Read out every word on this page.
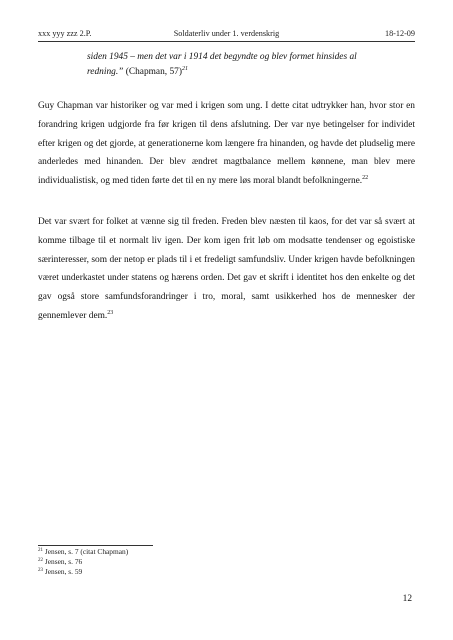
xxx yyy zzz 2.P.	Soldaterliv under 1. verdenskrig	18-12-09
siden 1945 – men det var i 1914 det begyndte og blev formet hinsides al redning.” (Chapman, 57)$^{21}$

Guy Chapman var historiker og var med i krigen som ung. I dette citat udtrykker han, hvor stor en forandring krigen udgjorde fra før krigen til dens afslutning. Der var nye betingelser for individet efter krigen og det gjorde, at generationerne kom længere fra hinanden, og havde det pludselig mere anderledes med hinanden. Der blev ændret magtbalance mellem kønnene, man blev mere individualistisk, og med tiden førte det til en ny mere løs moral blandt befolkningerne.$^{22}$

Det var svært for folket at vænne sig til freden. Freden blev næsten til kaos, for det var så svært at komme tilbage til et normalt liv igen. Der kom igen frit løb om modsatte tendenser og egoistiske særinteresser, som der netop er plads til i et fredeligt samfundsliv. Under krigen havde befolkningen været underkastet under statens og hærens orden. Det gav et skrift i identitet hos den enkelte og det gav også store samfundsforandringer i tro, moral, samt usikkerhed hos de mennesker der gennemlever dem.$^{23}$

$^{21}$ Jensen, s. 7 (citat Chapman)
$^{22}$ Jensen, s. 76
$^{23}$ Jensen, s. 59
12
